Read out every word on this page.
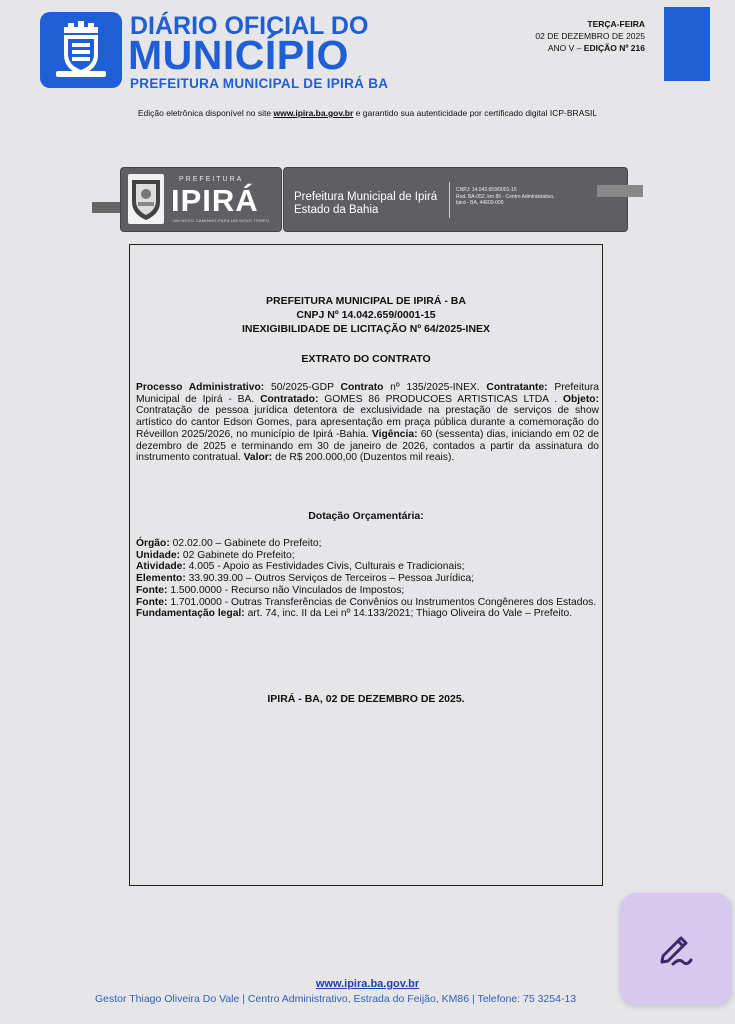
DIÁRIO OFICIAL DO
MUNICÍPIO
PREFEITURA MUNICIPAL DE IPIRÁ BA
TERÇA-FEIRA
02 DE DEZEMBRO DE 2025
ANO V – EDIÇÃO Nº 216
Edição eletrônica disponível no site www.ipira.ba.gov.br e garantido sua autenticidade por certificado digital ICP-BRASIL
PREFEITURA
IPIRÁ
UM NOVO CAMINHO PARA UM NOVO TEMPO
Prefeitura Municipal de Ipirá
Estado da Bahia
CNPJ: 14.042.659/0001-15
Rod. BA-052, km 86 - Centro Administrativo,
Ipirá - BA, 44600-000
PREFEITURA MUNICIPAL DE IPIRÁ - BA
CNPJ Nº 14.042.659/0001-15
INEXIGIBILIDADE DE LICITAÇÃO Nº 64/2025-INEX
EXTRATO DO CONTRATO
Processo Administrativo: 50/2025-GDP Contrato nº 135/2025-INEX. Contratante: Prefeitura Municipal de Ipirá - BA. Contratado: GOMES 86 PRODUCOES ARTISTICAS LTDA . Objeto: Contratação de pessoa jurídica detentora de exclusividade na prestação de serviços de show artístico do cantor Edson Gomes, para apresentação em praça pública durante a comemoração do Réveillon 2025/2026, no município de Ipirá -Bahia. Vigência: 60 (sessenta) dias, iniciando em 02 de dezembro de 2025 e terminando em 30 de janeiro de 2026, contados a partir da assinatura do instrumento contratual. Valor: de R$ 200.000,00 (Duzentos mil reais).
Dotação Orçamentária:
Órgão: 02.02.00 – Gabinete do Prefeito;
Unidade: 02 Gabinete do Prefeito;
Atividade: 4.005 - Apoio as Festividades Civis, Culturais e Tradicionais;
Elemento: 33.90.39.00 – Outros Serviços de Terceiros – Pessoa Jurídica;
Fonte: 1.500.0000 - Recurso não Vinculados de Impostos;
Fonte: 1.701.0000 - Outras Transferências de Convênios ou Instrumentos Congêneres dos Estados.
Fundamentação legal: art. 74, inc. II da Lei nº 14.133/2021; Thiago Oliveira do Vale – Prefeito.
IPIRÁ - BA, 02 DE DEZEMBRO DE 2025.
www.ipira.ba.gov.br
Gestor Thiago Oliveira Do Vale | Centro Administrativo, Estrada do Feijão, KM86 | Telefone: 75 3254-13
